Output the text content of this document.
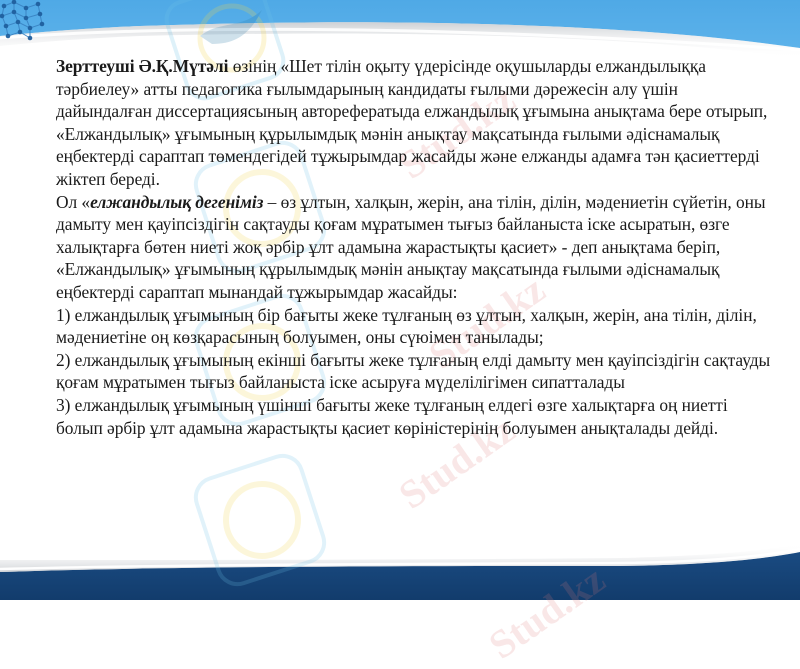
Stud.kz
Stud.kz
Stud.kz
Stud.kz

Зерттеуші Ә.Қ.Мүтәлі өзінің «Шет тілін оқыту үдерісінде оқушыларды елжандылыққа тәрбиелеу» атты педагогика ғылымдарының кандидаты ғылыми дәрежесін алу үшін дайындалған диссертациясының авторефератыда елжандылық ұғымына анықтама бере отырып, «Елжандылық» ұғымының құрылымдық мәнін анықтау мақсатында ғылыми әдіснамалық еңбектерді сараптап төмендегідей тұжырымдар жасайды және елжанды адамға тән қасиеттерді жіктеп береді.

Ол «елжандылық дегеніміз – өз ұлтын, халқын, жерін, ана тілін, ділін, мәдениетін сүйетін, оны дамыту мен қауіпсіздігін сақтауды қоғам мұратымен тығыз байланыста іске асыратын, өзге халықтарға бөтен ниеті жоқ әрбір ұлт адамына жарастықты қасиет» - деп анықтама беріп, «Елжандылық» ұғымының құрылымдық мәнін анықтау мақсатында ғылыми әдіснамалық еңбектерді сараптап мынандай тұжырымдар жасайды:

1) елжандылық ұғымының бір бағыты жеке тұлғаның өз ұлтын, халқын, жерін, ана тілін, ділін, мәдениетіне оң көзқарасының болуымен, оны сүюімен танылады;

2) елжандылық ұғымының екінші бағыты жеке тұлғаның елді дамыту мен қауіпсіздігін сақтауды қоғам мұратымен тығыз байланыста іске асыруға мүделілігімен сипатталады

3) елжандылық ұғымының үшінші бағыты жеке тұлғаның елдегі өзге халықтарға оң ниетті болып әрбір ұлт адамына жарастықты қасиет көріністерінің болуымен анықталады дейді.
